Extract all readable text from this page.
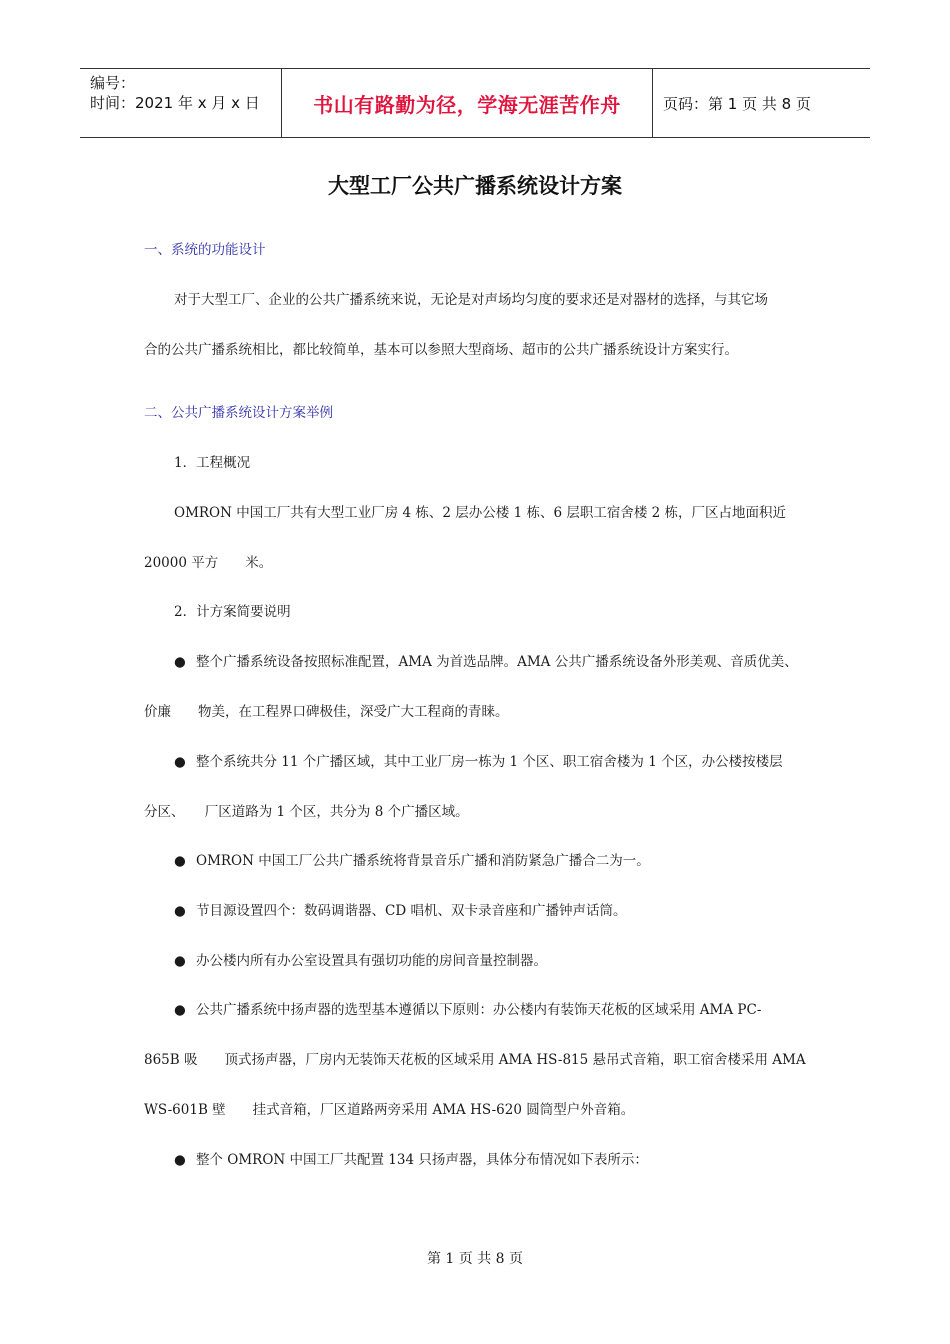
编号：
时间：2021 年 x 月 x 日	书山有路勤为径，学海无涯苦作舟	页码：第 1 页 共 8 页
大型工厂公共广播系统设计方案
一、系统的功能设计
对于大型工厂、企业的公共广播系统来说，无论是对声场均匀度的要求还是对器材的选择，与其它场
合的公共广播系统相比，都比较简单，基本可以参照大型商场、超市的公共广播系统设计方案实行。
二、公共广播系统设计方案举例
1．工程概况
OMRON 中国工厂共有大型工业厂房 4 栋、2 层办公楼 1 栋、6 层职工宿舍楼 2 栋，厂区占地面积近
20000 平方　　米。
2．计方案简要说明
● 整个广播系统设备按照标准配置，AMA 为首选品牌。AMA 公共广播系统设备外形美观、音质优美、
价廉　　物美，在工程界口碑极佳，深受广大工程商的青睐。
● 整个系统共分 11 个广播区域，其中工业厂房一栋为 1 个区、职工宿舍楼为 1 个区，办公楼按楼层
分区、　　厂区道路为 1 个区，共分为 8 个广播区域。
● OMRON 中国工厂公共广播系统将背景音乐广播和消防紧急广播合二为一。
● 节目源设置四个：数码调谐器、CD 唱机、双卡录音座和广播钟声话筒。
● 办公楼内所有办公室设置具有强切功能的房间音量控制器。
● 公共广播系统中扬声器的选型基本遵循以下原则：办公楼内有装饰天花板的区域采用 AMA PC-
865B 吸　　顶式扬声器，厂房内无装饰天花板的区域采用 AMA HS-815 悬吊式音箱，职工宿舍楼采用 AMA
WS-601B 壁　　挂式音箱，厂区道路两旁采用 AMA HS-620 圆筒型户外音箱。
● 整个 OMRON 中国工厂共配置 134 只扬声器，具体分布情况如下表所示：
第 1 页 共 8 页
